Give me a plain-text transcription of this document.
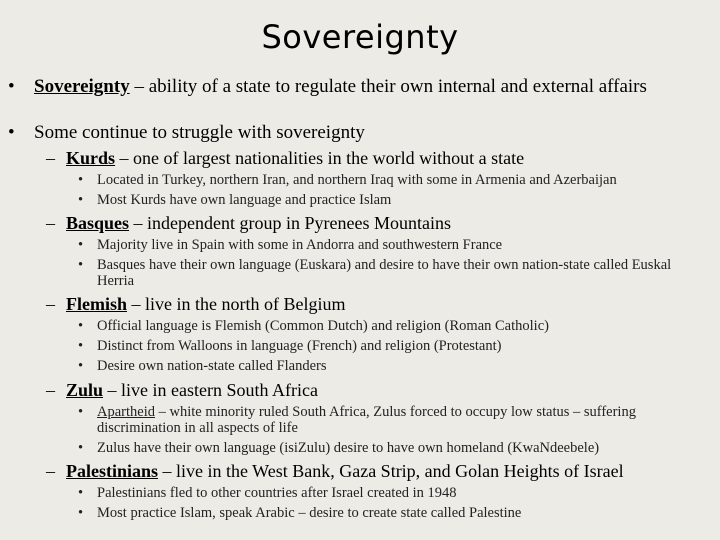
Sovereignty
• Sovereignty – ability of a state to regulate their own internal and external affairs
• Some continue to struggle with sovereignty
– Kurds – one of largest nationalities in the world without a state
• Located in Turkey, northern Iran, and northern Iraq with some in Armenia and Azerbaijan
• Most Kurds have own language and practice Islam
– Basques – independent group in Pyrenees Mountains
• Majority live in Spain with some in Andorra and southwestern France
• Basques have their own language (Euskara) and desire to have their own nation-state called Euskal Herria
– Flemish – live in the north of Belgium
• Official language is Flemish (Common Dutch) and religion (Roman Catholic)
• Distinct from Walloons in language (French) and religion (Protestant)
• Desire own nation-state called Flanders
– Zulu – live in eastern South Africa
• Apartheid – white minority ruled South Africa, Zulus forced to occupy low status – suffering discrimination in all aspects of life
• Zulus have their own language (isiZulu) desire to have own homeland (KwaNdeebele)
– Palestinians – live in the West Bank, Gaza Strip, and Golan Heights of Israel
• Palestinians fled to other countries after Israel created in 1948
• Most practice Islam, speak Arabic – desire to create state called Palestine
